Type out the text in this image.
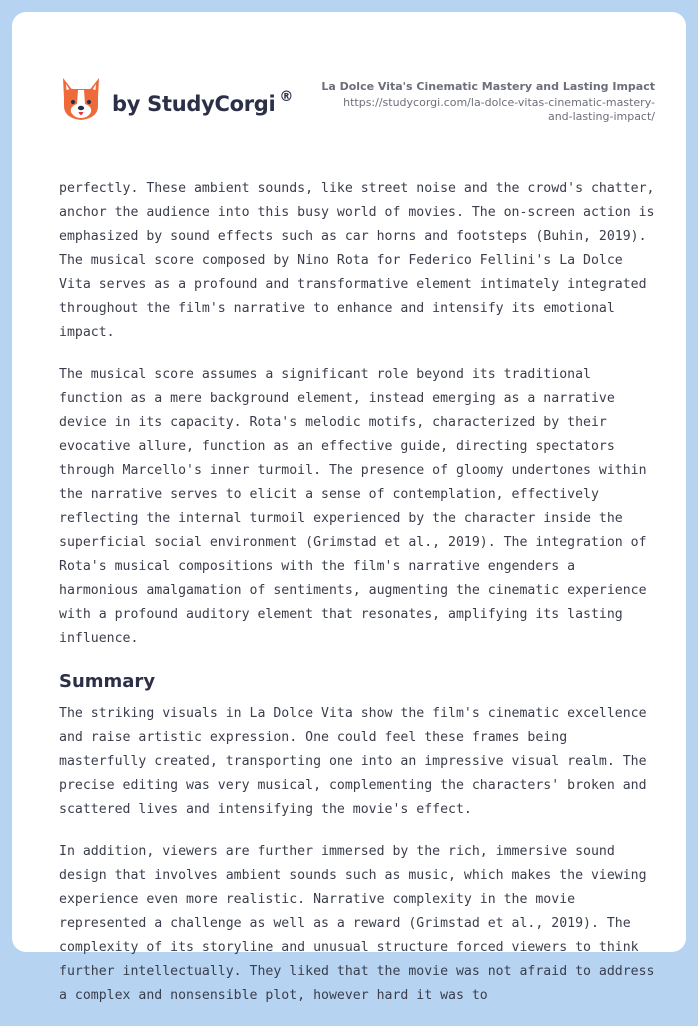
by StudyCorgi ®
La Dolce Vita's Cinematic Mastery and Lasting Impact
https://studycorgi.com/la-dolce-vitas-cinematic-mastery-
and-lasting-impact/

perfectly. These ambient sounds, like street noise and the crowd's chatter, anchor the audience into this busy world of movies. The on-screen action is emphasized by sound effects such as car horns and footsteps (Buhin, 2019). The musical score composed by Nino Rota for Federico Fellini's La Dolce Vita serves as a profound and transformative element intimately integrated throughout the film's narrative to enhance and intensify its emotional impact.

The musical score assumes a significant role beyond its traditional function as a mere background element, instead emerging as a narrative device in its capacity. Rota's melodic motifs, characterized by their evocative allure, function as an effective guide, directing spectators through Marcello's inner turmoil. The presence of gloomy undertones within the narrative serves to elicit a sense of contemplation, effectively reflecting the internal turmoil experienced by the character inside the superficial social environment (Grimstad et al., 2019). The integration of Rota's musical compositions with the film's narrative engenders a harmonious amalgamation of sentiments, augmenting the cinematic experience with a profound auditory element that resonates, amplifying its lasting influence.

Summary

The striking visuals in La Dolce Vita show the film's cinematic excellence and raise artistic expression. One could feel these frames being masterfully created, transporting one into an impressive visual realm. The precise editing was very musical, complementing the characters' broken and scattered lives and intensifying the movie's effect.

In addition, viewers are further immersed by the rich, immersive sound design that involves ambient sounds such as music, which makes the viewing experience even more realistic. Narrative complexity in the movie represented a challenge as well as a reward (Grimstad et al., 2019). The complexity of its storyline and unusual structure forced viewers to think further intellectually. They liked that the movie was not afraid to address a complex and nonsensible plot, however hard it was to
